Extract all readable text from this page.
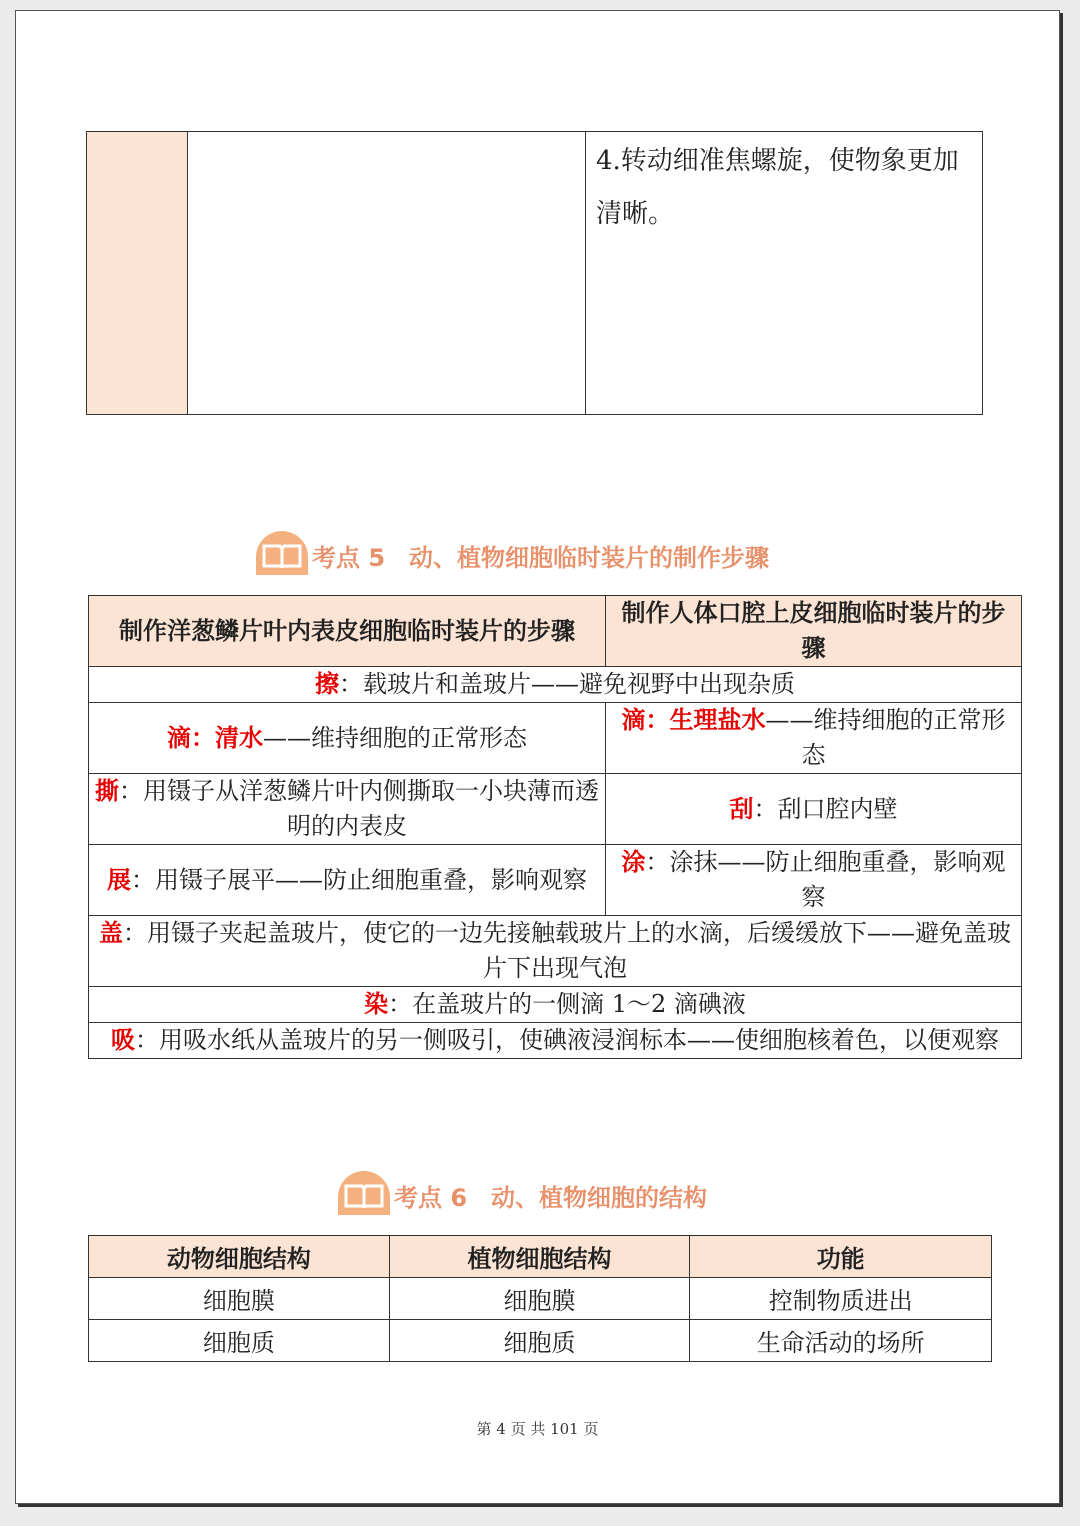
		4.转动细准焦螺旋，使物象更加清晰。
考点 5　动、植物细胞临时装片的制作步骤
制作洋葱鳞片叶内表皮细胞临时装片的步骤	制作人体口腔上皮细胞临时装片的步骤
擦：载玻片和盖玻片——避免视野中出现杂质	
滴：清水——维持细胞的正常形态	滴：生理盐水——维持细胞的正常形态
撕：用镊子从洋葱鳞片叶内侧撕取一小块薄而透明的内表皮	刮：刮口腔内壁
展：用镊子展平——防止细胞重叠，影响观察	涂：涂抹——防止细胞重叠，影响观察
盖：用镊子夹起盖玻片，使它的一边先接触载玻片上的水滴，后缓缓放下——避免盖玻片下出现气泡	
染：在盖玻片的一侧滴 1～2 滴碘液	
吸：用吸水纸从盖玻片的另一侧吸引，使碘液浸润标本——使细胞核着色，以便观察	
考点 6　动、植物细胞的结构
动物细胞结构	植物细胞结构	功能
细胞膜	细胞膜	控制物质进出
细胞质	细胞质	生命活动的场所
第 4 页 共 101 页
